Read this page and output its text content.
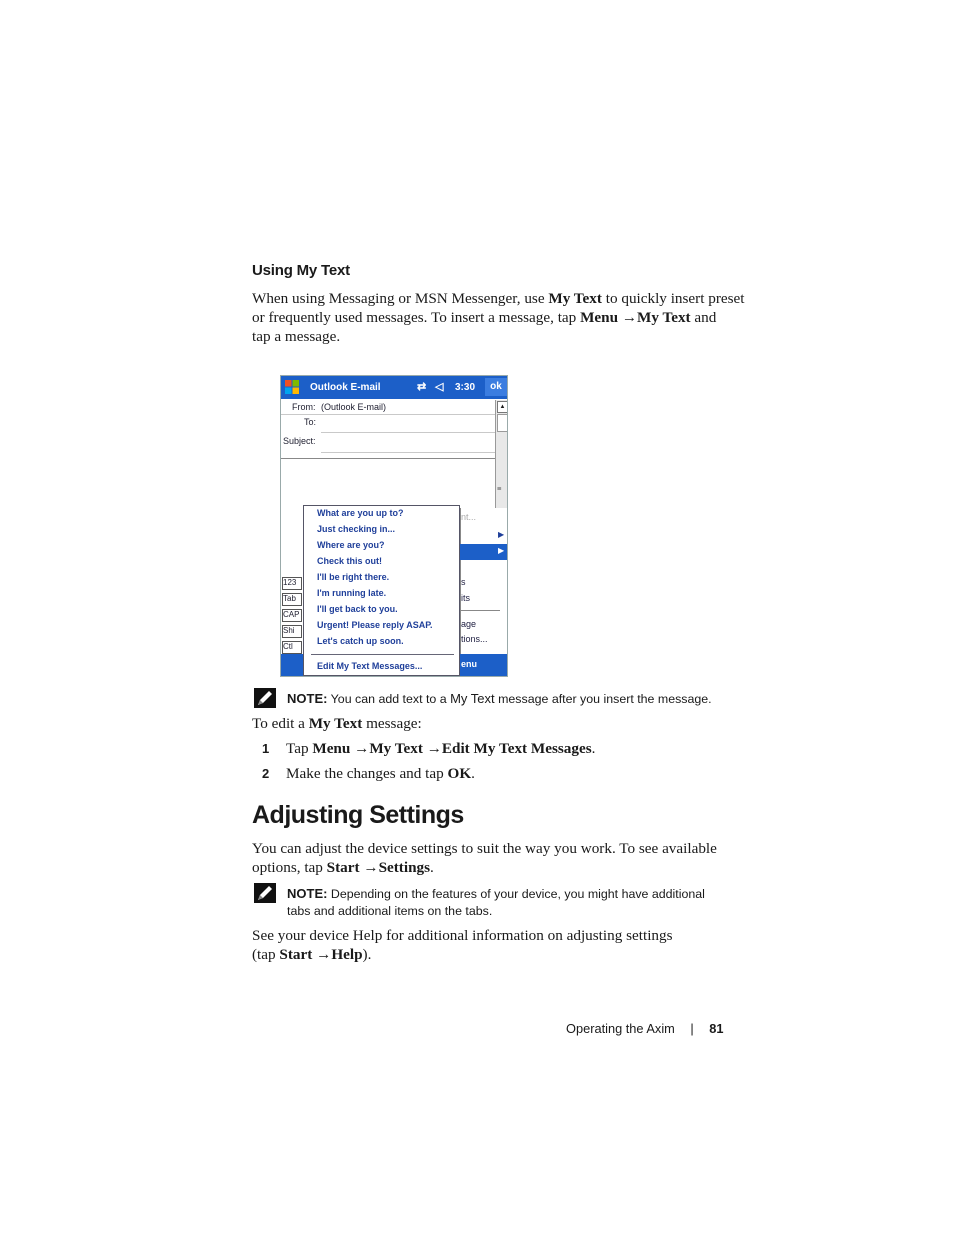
Using My Text
When using Messaging or MSN Messenger, use My Text to quickly insert preset
or frequently used messages. To insert a message, tap Menu →My Text and
tap a message.
Outlook E-mail	⇄ ◁ 3:30	ok
From: (Outlook E-mail)
To:
Subject:
▲
≡
nt...
▶
▶
s
its
age
tions...
123
Tab
CAP
Shi
Ctl
enu
What are you up to?
Just checking in...
Where are you?
Check this out!
I'll be right there.
I'm running late.
I'll get back to you.
Urgent! Please reply ASAP.
Let's catch up soon.
Edit My Text Messages...
NOTE: You can add text to a My Text message after you insert the message.
To edit a My Text message:
1 Tap Menu →My Text →Edit My Text Messages.
2 Make the changes and tap OK.
Adjusting Settings
You can adjust the device settings to suit the way you work. To see available
options, tap Start →Settings.
NOTE: Depending on the features of your device, you might have additional
tabs and additional items on the tabs.
See your device Help for additional information on adjusting settings
(tap Start →Help).
Operating the Axim | 81
